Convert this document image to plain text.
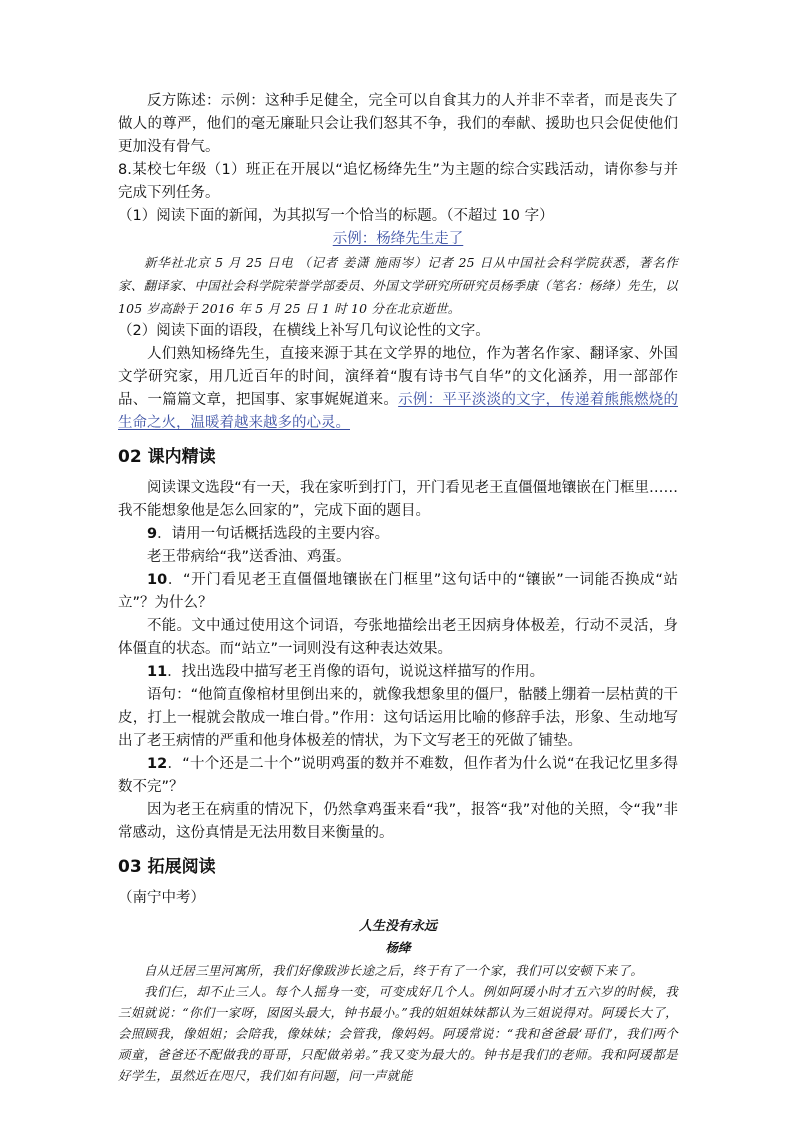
反方陈述：示例：这种手足健全，完全可以自食其力的人并非不幸者，而是丧失了做人的尊严，他们的毫无廉耻只会让我们怒其不争，我们的奉献、援助也只会促使他们更加没有骨气。

8.某校七年级（1）班正在开展以“追忆杨绛先生”为主题的综合实践活动，请你参与并完成下列任务。

（1）阅读下面的新闻，为其拟写一个恰当的标题。（不超过 10 字）

示例：杨绛先生走了

新华社北京 5 月 25 日电 （记者 姜潇 施雨岑）记者 25 日从中国社会科学院获悉，著名作家、翻译家、中国社会科学院荣誉学部委员、外国文学研究所研究员杨季康（笔名：杨绛）先生，以 105 岁高龄于 2016 年 5 月 25 日 1 时 10 分在北京逝世。

（2）阅读下面的语段，在横线上补写几句议论性的文字。

人们熟知杨绛先生，直接来源于其在文学界的地位，作为著名作家、翻译家、外国文学研究家，用几近百年的时间，演绎着“腹有诗书气自华”的文化涵养，用一部部作品、一篇篇文章，把国事、家事娓娓道来。示例：平平淡淡的文字，传递着熊熊燃烧的生命之火，温暖着越来越多的心灵。

02 课内精读

阅读课文选段“有一天，我在家听到打门，开门看见老王直僵僵地镶嵌在门框里……我不能想象他是怎么回家的”，完成下面的题目。

9．请用一句话概括选段的主要内容。

老王带病给“我”送香油、鸡蛋。

10．“开门看见老王直僵僵地镶嵌在门框里”这句话中的“镶嵌”一词能否换成“站立”？为什么？

不能。文中通过使用这个词语，夸张地描绘出老王因病身体极差，行动不灵活，身体僵直的状态。而“站立”一词则没有这种表达效果。

11．找出选段中描写老王肖像的语句，说说这样描写的作用。

语句：“他简直像棺材里倒出来的，就像我想象里的僵尸，骷髅上绷着一层枯黄的干皮，打上一棍就会散成一堆白骨。”作用：这句话运用比喻的修辞手法，形象、生动地写出了老王病情的严重和他身体极差的情状，为下文写老王的死做了铺垫。

12．“十个还是二十个”说明鸡蛋的数并不难数，但作者为什么说“在我记忆里多得数不完”？

因为老王在病重的情况下，仍然拿鸡蛋来看“我”，报答“我”对他的关照，令“我”非常感动，这份真情是无法用数目来衡量的。

03 拓展阅读

（南宁中考）

人生没有永远

杨绛

自从迁居三里河寓所，我们好像跋涉长途之后，终于有了一个家，我们可以安顿下来了。

我们仨，却不止三人。每个人摇身一变，可变成好几个人。例如阿瑗小时才五六岁的时候，我三姐就说：“你们一家呀，囡囡头最大，钟书最小。”我的姐姐妹妹都认为三姐说得对。阿瑗长大了，会照顾我，像姐姐；会陪我，像妹妹；会管我，像妈妈。阿瑗常说：“我和爸爸最‘哥们’，我们两个顽童，爸爸还不配做我的哥哥，只配做弟弟。”我又变为最大的。钟书是我们的老师。我和阿瑗都是好学生，虽然近在咫尺，我们如有问题，问一声就能
